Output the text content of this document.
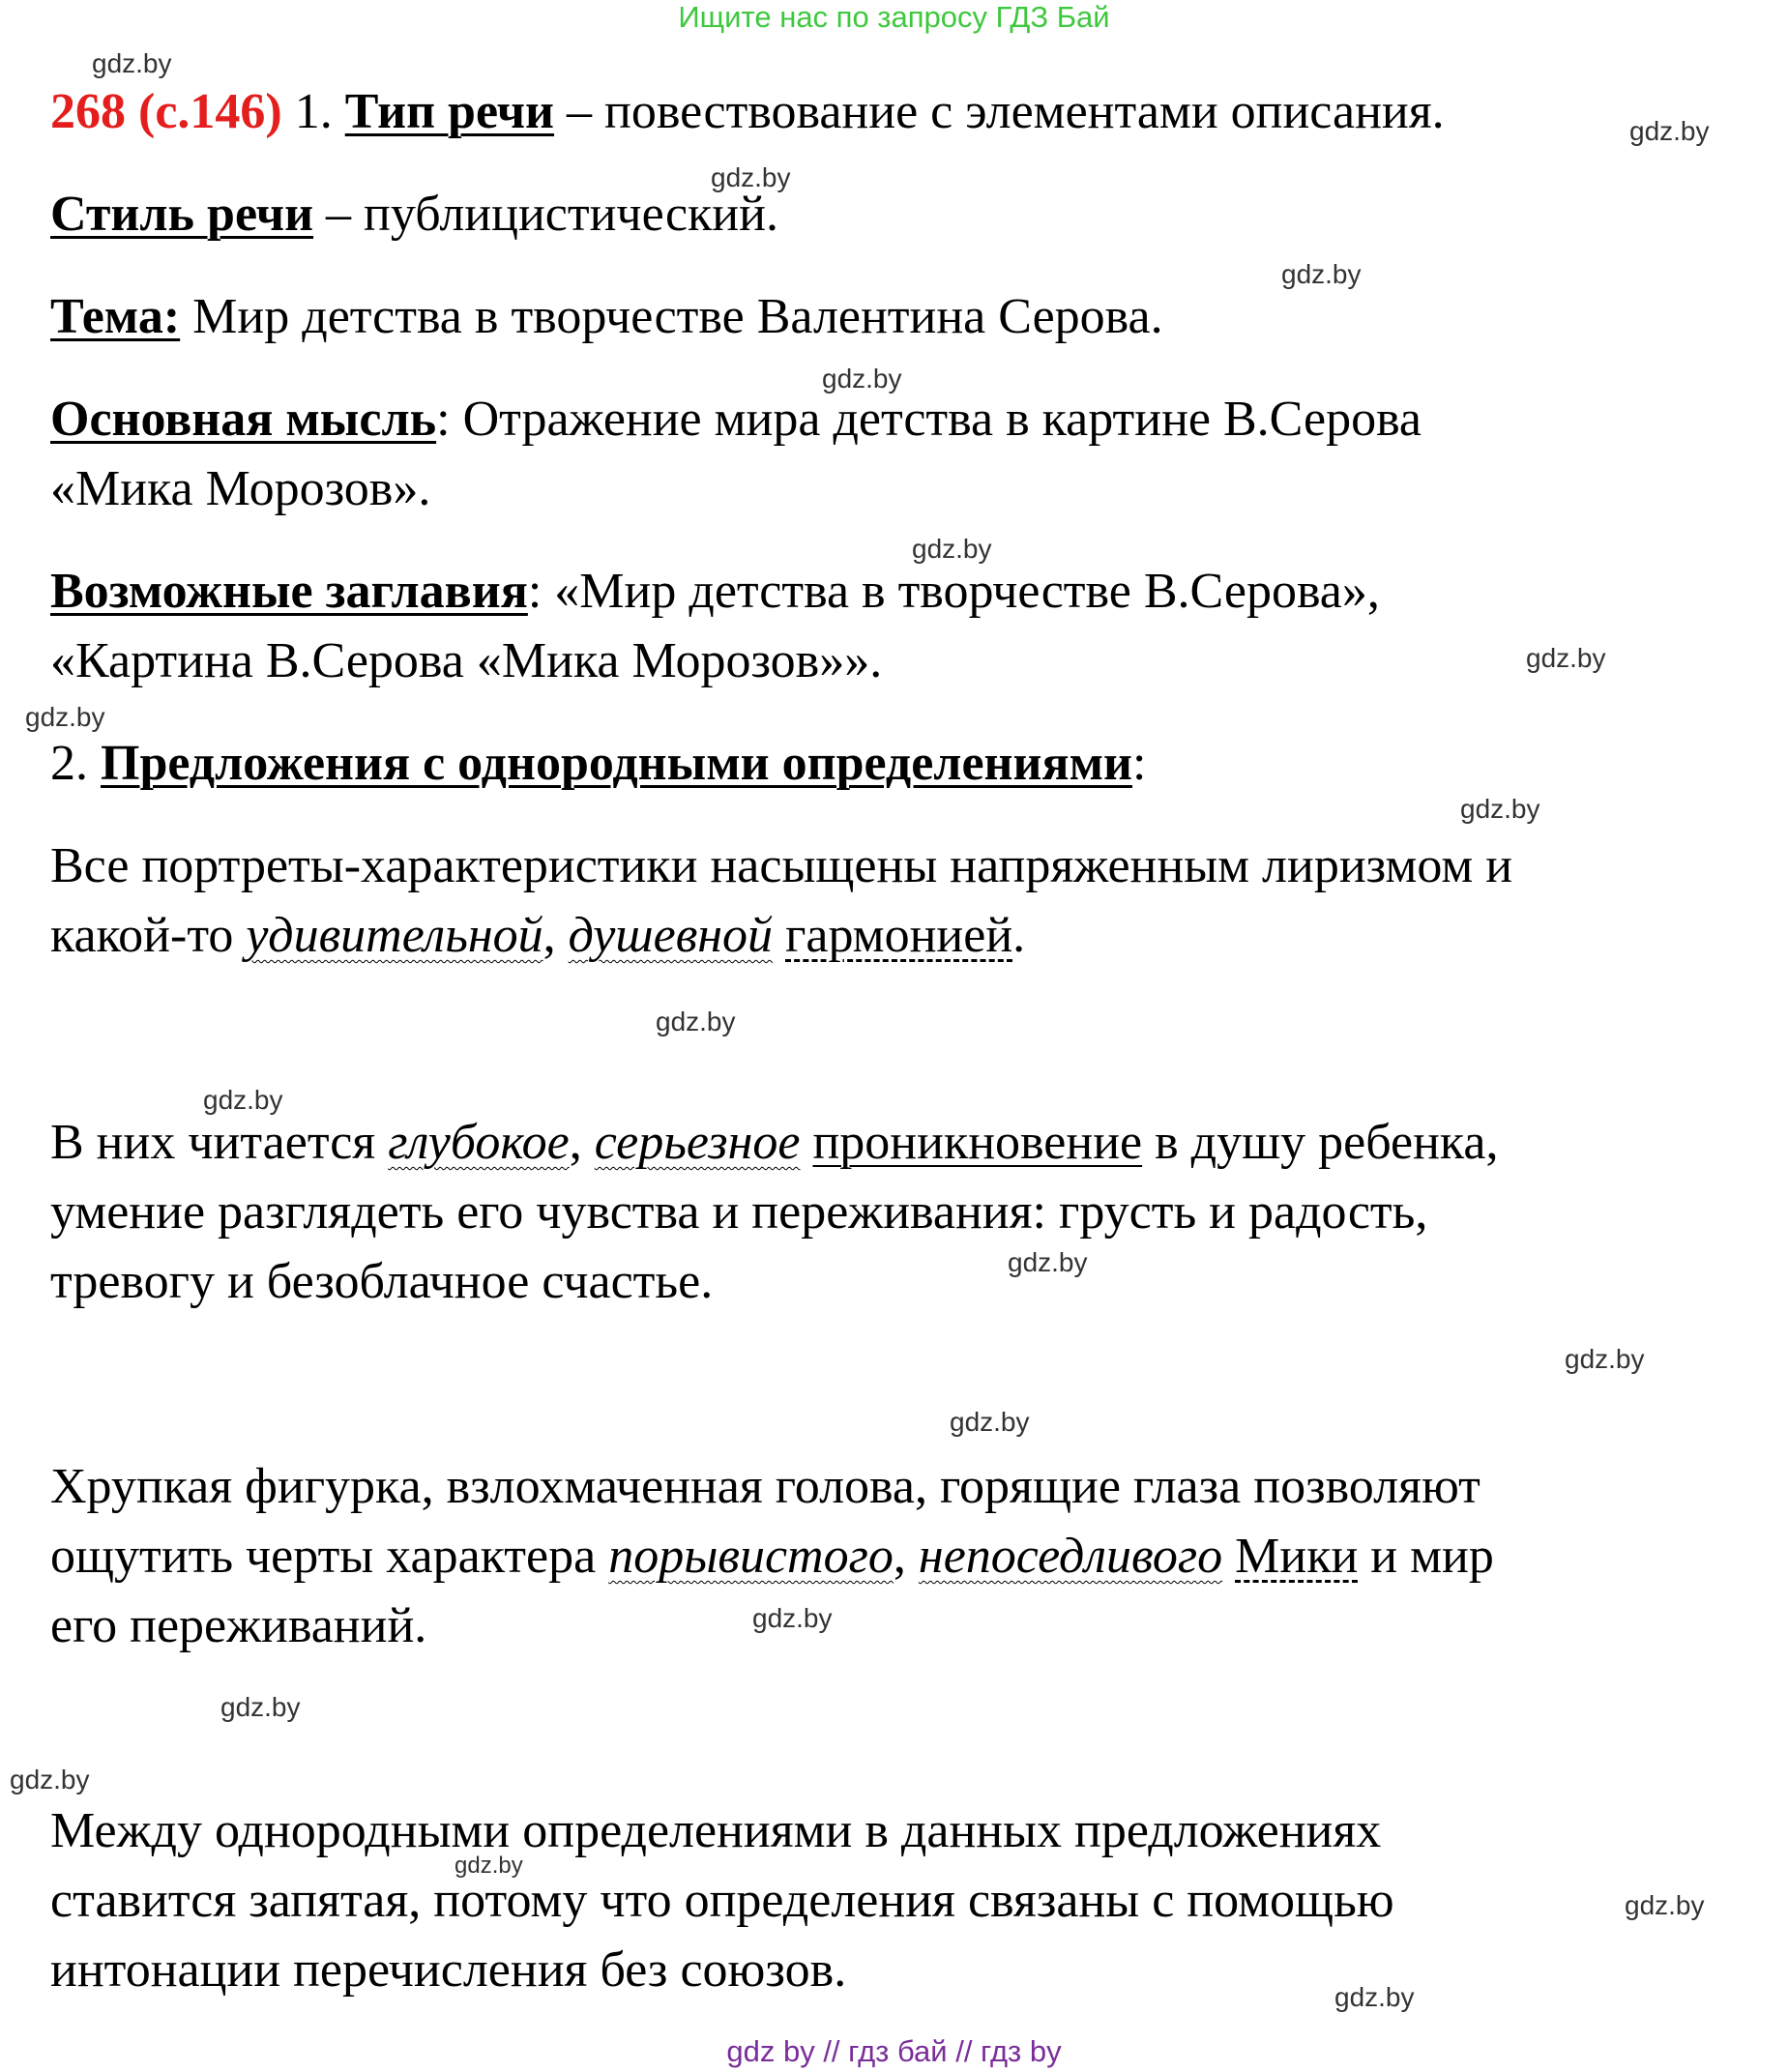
Ищите нас по запросу ГДЗ Бай
gdz.by
gdz.by
gdz.by
gdz.by
gdz.by
gdz.by
gdz.by
gdz.by
gdz.by
gdz.by
gdz.by
gdz.by
gdz.by
gdz.by
gdz.by
gdz.by
gdz.by
gdz.by
gdz.by
gdz.by
268 (с.146) 1. Тип речи – повествование с элементами описания.
Стиль речи – публицистический.
Тема: Мир детства в творчестве Валентина Серова.
Основная мысль: Отражение мира детства в картине В.Серова
«Мика Морозов».
Возможные заглавия: «Мир детства в творчестве В.Серова»,
«Картина В.Серова «Мика Морозов»».
2. Предложения с однородными определениями:
Все портреты-характеристики насыщены напряженным лиризмом и
какой-то удивительной, душевной гармонией.
В них читается глубокое, серьезное проникновение в душу ребенка,
умение разглядеть его чувства и переживания: грусть и радость,
тревогу и безоблачное счастье.
Хрупкая фигурка, взлохмаченная голова, горящие глаза позволяют
ощутить черты характера порывистого, непоседливого Мики и мир
его переживаний.
Между однородными определениями в данных предложениях
ставится запятая, потому что определения связаны с помощью
интонации перечисления без союзов.
gdz by // гдз бай // гдз by
